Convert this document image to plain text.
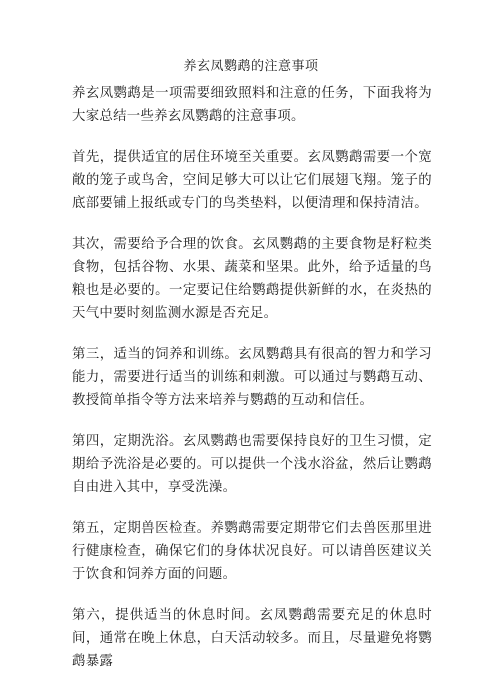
养玄凤鹦鹉的注意事项

养玄凤鹦鹉是一项需要细致照料和注意的任务，下面我将为大家总结一些养玄凤鹦鹉的注意事项。

首先，提供适宜的居住环境至关重要。玄凤鹦鹉需要一个宽敞的笼子或鸟舍，空间足够大可以让它们展翅飞翔。笼子的底部要铺上报纸或专门的鸟类垫料，以便清理和保持清洁。

其次，需要给予合理的饮食。玄凤鹦鹉的主要食物是籽粒类食物，包括谷物、水果、蔬菜和坚果。此外，给予适量的鸟粮也是必要的。一定要记住给鹦鹉提供新鲜的水，在炎热的天气中要时刻监测水源是否充足。

第三，适当的饲养和训练。玄凤鹦鹉具有很高的智力和学习能力，需要进行适当的训练和刺激。可以通过与鹦鹉互动、教授简单指令等方法来培养与鹦鹉的互动和信任。

第四，定期洗浴。玄凤鹦鹉也需要保持良好的卫生习惯，定期给予洗浴是必要的。可以提供一个浅水浴盆，然后让鹦鹉自由进入其中，享受洗澡。

第五，定期兽医检查。养鹦鹉需要定期带它们去兽医那里进行健康检查，确保它们的身体状况良好。可以请兽医建议关于饮食和饲养方面的问题。

第六，提供适当的休息时间。玄凤鹦鹉需要充足的休息时间，通常在晚上休息，白天活动较多。而且，尽量避免将鹦鹉暴露
